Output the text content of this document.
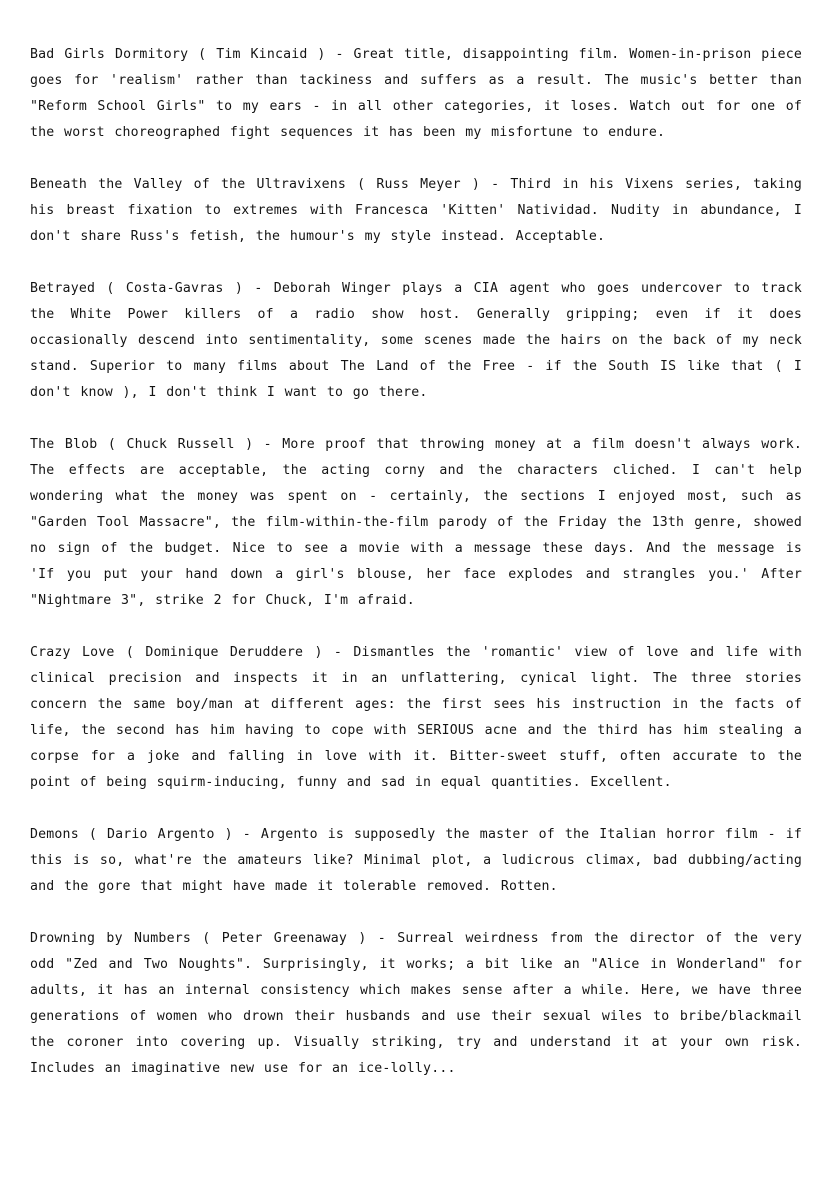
Bad Girls Dormitory ( Tim Kincaid ) - Great title, disappointing film. Women-in-prison piece goes for 'realism' rather than tackiness and suffers as a result. The music's better than "Reform School Girls" to my ears - in all other categories, it loses. Watch out for one of the worst choreographed fight sequences it has been my misfortune to endure.

Beneath the Valley of the Ultravixens ( Russ Meyer ) - Third in his Vixens series, taking his breast fixation to extremes with Francesca 'Kitten' Natividad. Nudity in abundance, I don't share Russ's fetish, the humour's my style instead. Acceptable.

Betrayed ( Costa-Gavras ) - Deborah Winger plays a CIA agent who goes undercover to track the White Power killers of a radio show host. Generally gripping; even if it does occasionally descend into sentimentality, some scenes made the hairs on the back of my neck stand. Superior to many films about The Land of the Free - if the South IS like that ( I don't know ), I don't think I want to go there.

The Blob ( Chuck Russell ) - More proof that throwing money at a film doesn't always work. The effects are acceptable, the acting corny and the characters cliched. I can't help wondering what the money was spent on - certainly, the sections I enjoyed most, such as "Garden Tool Massacre", the film-within-the-film parody of the Friday the 13th genre, showed no sign of the budget. Nice to see a movie with a message these days. And the message is 'If you put your hand down a girl's blouse, her face explodes and strangles you.' After "Nightmare 3", strike 2 for Chuck, I'm afraid.

Crazy Love ( Dominique Deruddere ) - Dismantles the 'romantic' view of love and life with clinical precision and inspects it in an unflattering, cynical light. The three stories concern the same boy/man at different ages: the first sees his instruction in the facts of life, the second has him having to cope with SERIOUS acne and the third has him stealing a corpse for a joke and falling in love with it. Bitter-sweet stuff, often accurate to the point of being squirm-inducing, funny and sad in equal quantities. Excellent.

Demons ( Dario Argento ) - Argento is supposedly the master of the Italian horror film - if this is so, what're the amateurs like? Minimal plot, a ludicrous climax, bad dubbing/acting and the gore that might have made it tolerable removed. Rotten.

Drowning by Numbers ( Peter Greenaway ) - Surreal weirdness from the director of the very odd "Zed and Two Noughts". Surprisingly, it works; a bit like an "Alice in Wonderland" for adults, it has an internal consistency which makes sense after a while. Here, we have three generations of women who drown their husbands and use their sexual wiles to bribe/blackmail the coroner into covering up. Visually striking, try and understand it at your own risk. Includes an imaginative new use for an ice-lolly...
